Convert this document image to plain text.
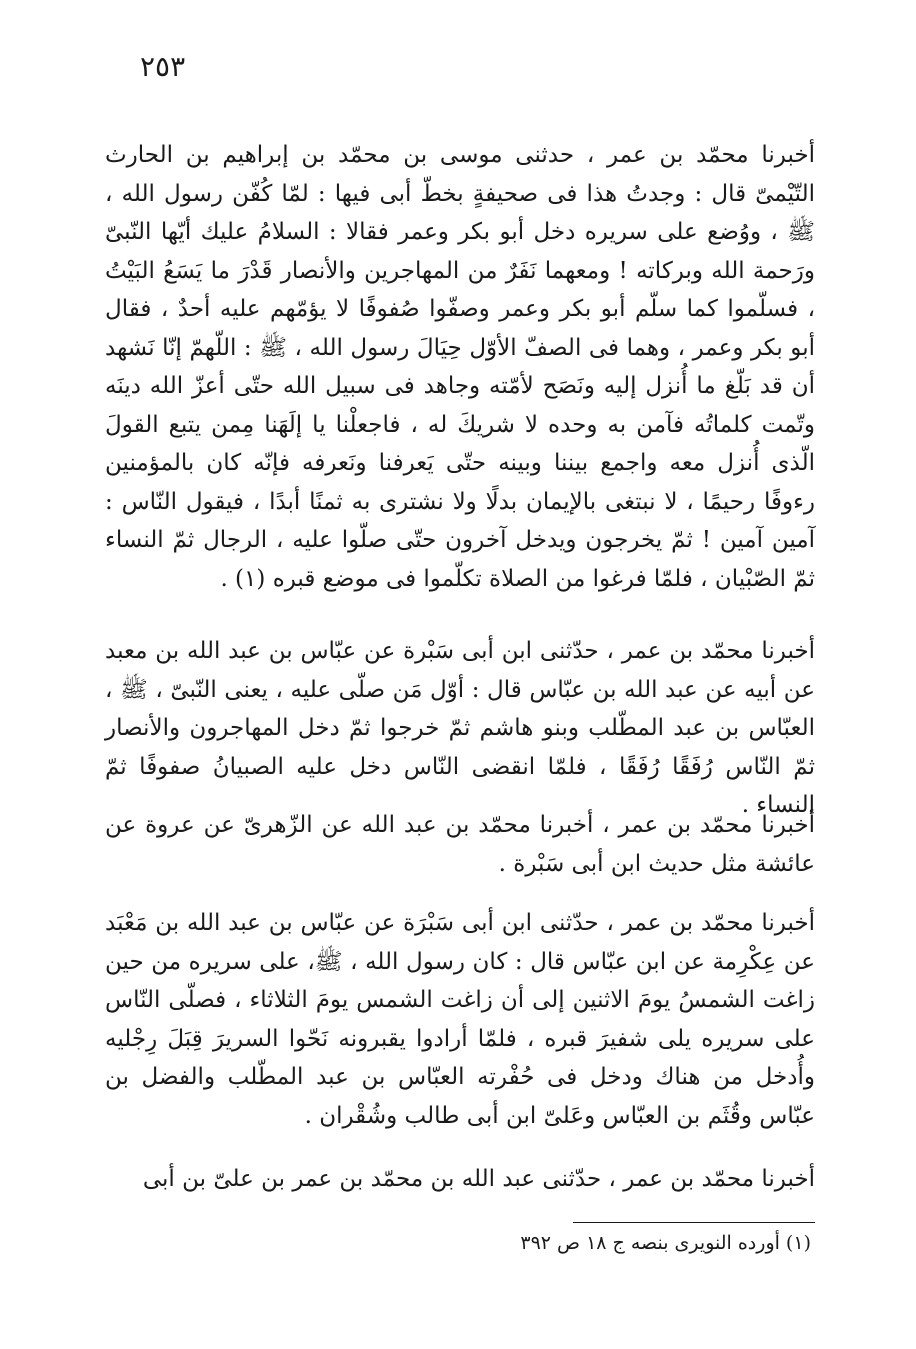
٢٥٣

أخبرنا محمّد بن عمر ، حدثنى موسى بن محمّد بن إبراهيم بن الحارث التّيْمىّ قال : وجدتُ هذا فى صحيفةٍ بخطّ أبى فيها : لمّا كُفّن رسول الله ، ﷺ ، ووُضع على سريره دخل أبو بكر وعمر فقالا : السلامُ عليك أيّها النّبىّ ورَحمة الله وبركاته ! ومعهما نَفَرٌ من المهاجرين والأنصار قَدْرَ ما يَسَعُ البَيْتُ ، فسلّموا كما سلّم أبو بكر وعمر وصفّوا صُفوفًا لا يؤمّهم عليه أحدٌ ، فقال أبو بكر وعمر ، وهما فى الصفّ الأوّل حِيَالَ رسول الله ، ﷺ : اللّهمّ إنّا نَشهد أن قد بَلّغ ما أُنزل إليه ونَصَح لأمّته وجاهد فى سبيل الله حتّى أعزّ الله دينَه وتّمت كلماتُه فآمن به وحده لا شريكَ له ، فاجعلْنا يا إلَهَنا مِمن يتبع القولَ الّذى أُنزل معه واجمع بيننا وبينه حتّى يَعرفنا ونَعرفه فإنّه كان بالمؤمنين رءوفًا رحيمًا ، لا نبتغى بالإيمان بدلًا ولا نشترى به ثمنًا أبدًا ، فيقول النّاس : آمين آمين ! ثمّ يخرجون ويدخل آخرون حتّى صلّوا عليه ، الرجال ثمّ النساء ثمّ الصّبْيان ، فلمّا فرغوا من الصلاة تكلّموا فى موضع قبره (١) .

أخبرنا محمّد بن عمر ، حدّثنى ابن أبى سَبْرة عن عبّاس بن عبد الله بن معبد عن أبيه عن عبد الله بن عبّاس قال : أوّل مَن صلّى عليه ، يعنى النّبىّ ، ﷺ ، العبّاس بن عبد المطّلب وبنو هاشم ثمّ خرجوا ثمّ دخل المهاجرون والأنصار ثمّ النّاس رُفَقًا رُفَقًا ، فلمّا انقضى النّاس دخل عليه الصبيانُ صفوفًا ثمّ النساء .

أخبرنا محمّد بن عمر ، أخبرنا محمّد بن عبد الله عن الزّهرىّ عن عروة عن عائشة مثل حديث ابن أبى سَبْرة .

أخبرنا محمّد بن عمر ، حدّثنى ابن أبى سَبْرَة عن عبّاس بن عبد الله بن مَعْبَد عن عِكْرِمة عن ابن عبّاس قال : كان رسول الله ، ﷺ، على سريره من حين زاغت الشمسُ يومَ الاثنين إلى أن زاغت الشمس يومَ الثلاثاء ، فصلّى النّاس على سريره يلى شفيرَ قبره ، فلمّا أرادوا يقبرونه نَحّوا السريرَ قِبَلَ رِجْليه وأُدخل من هناك ودخل فى حُفْرته العبّاس بن عبد المطّلب والفضل بن عبّاس وقُثَم بن العبّاس وعَلىّ ابن أبى طالب وشُقْران .

أخبرنا محمّد بن عمر ، حدّثنى عبد الله بن محمّد بن عمر بن علىّ بن أبى

(١) أورده النويرى بنصه ج ١٨ ص ٣٩٢
